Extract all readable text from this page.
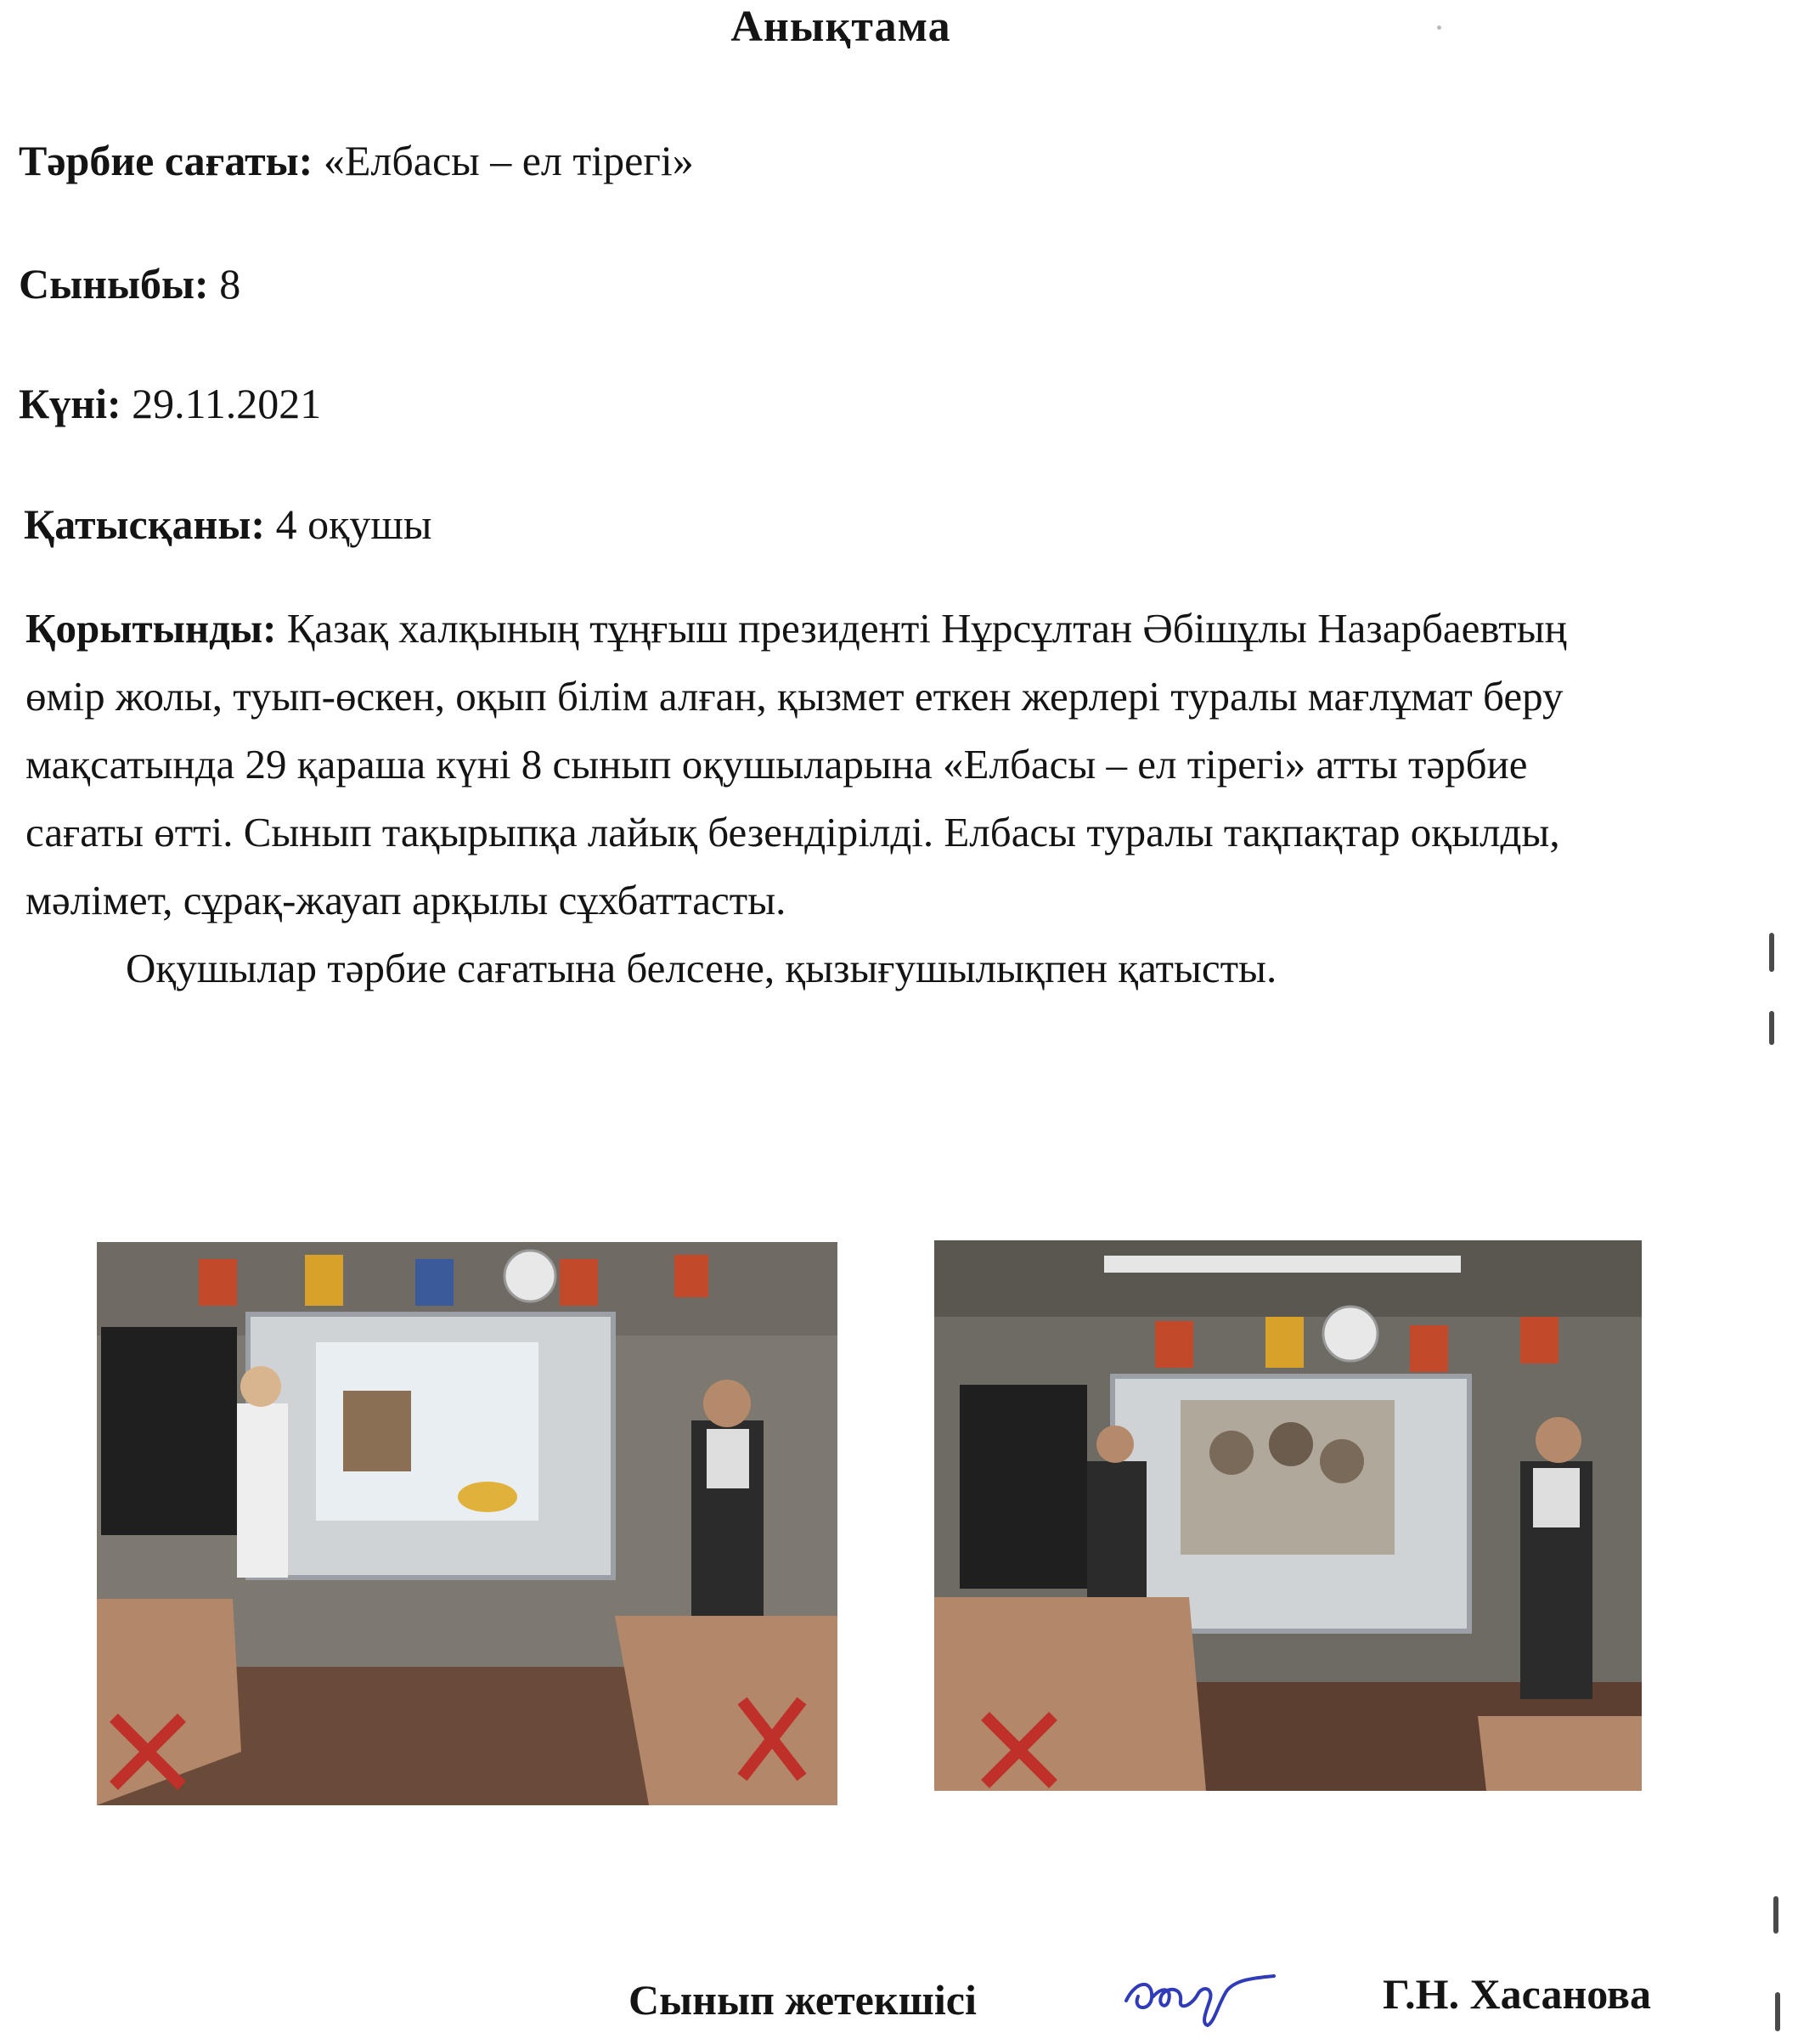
Анықтама
Тәрбие сағаты: «Елбасы – ел тірегі»
Сыныбы: 8
Күні: 29.11.2021
Қатысқаны: 4 оқушы

Қорытынды: Қазақ халқының тұңғыш президенті Нұрсұлтан Әбішұлы Назарбаевтың өмір жолы, туып-өскен, оқып білім алған, қызмет еткен жерлері туралы мағлұмат беру мақсатында 29 қараша күні 8 сынып оқушыларына «Елбасы – ел тірегі» атты тәрбие сағаты өтті. Сынып тақырыпқа лайық безендірілді. Елбасы туралы тақпақтар оқылды, мәлімет, сұрақ-жауап арқылы сұхбаттасты.

Оқушылар тәрбие сағатына белсене, қызығушылықпен қатысты.

Сынып жетекшісі	Г.Н. Хасанова
